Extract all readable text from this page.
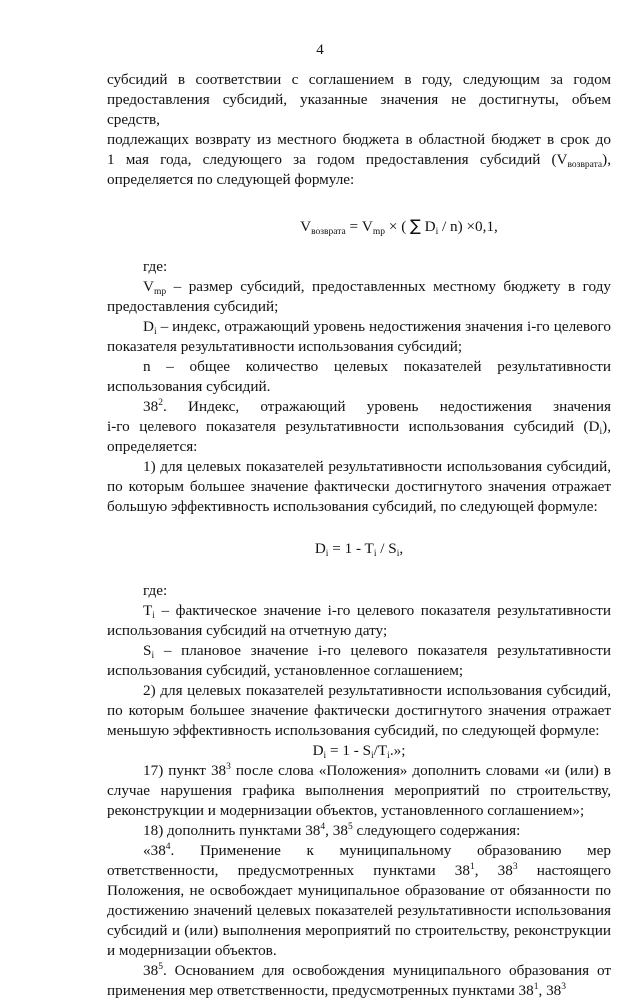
4

субсидий в соответствии с соглашением в году, следующим за годом

предоставления субсидий, указанные значения не достигнуты, объем средств,

подлежащих возврату из местного бюджета в областной бюджет в срок до

1 мая года, следующего за годом предоставления субсидий $(V_{возврата})$,

определяется по следующей формуле:

$V_{возврата} = V_{mp}$ × ( ∑ $D_i / n) \times 0,1$,

где:

$V_{mp}$ – размер субсидий, предоставленных местному бюджету в году предоставления субсидий;

$D_i$ – индекс, отражающий уровень недостижения значения i-го целевого показателя результативности использования субсидий;

n – общее количество целевых показателей результативности

использования субсидий.

$38^2$. Индекс, отражающий уровень недостижения значения

i-го целевого показателя результативности использования субсидий $(D_i)$,

определяется:

1) для целевых показателей результативности использования субсидий, по которым большее значение фактически достигнутого значения отражает большую эффективность использования субсидий, по следующей формуле:

$D_i = 1 - T_i / S_i$,

где:

$T_i$ – фактическое значение i-го целевого показателя результативности использования субсидий на отчетную дату;

$S_i$ – плановое значение i-го целевого показателя результативности использования субсидий, установленное соглашением;

2) для целевых показателей результативности использования субсидий, по которым большее значение фактически достигнутого значения отражает меньшую эффективность использования субсидий, по следующей формуле:

$D_i = 1 - S_i/T_i$.»;

17) пункт $38^3$ после слова «Положения» дополнить словами «и (или) в случае нарушения графика выполнения мероприятий по строительству, реконструкции и модернизации объектов, установленного соглашением»;

18) дополнить пунктами $38^4$, $38^5$ следующего содержания:

«$38^4$. Применение к муниципальному образованию мер

ответственности, предусмотренных пунктами $38^1$, $38^3$ настоящего

Положения, не освобождает муниципальное образование от обязанности по достижению значений целевых показателей результативности использования субсидий и (или) выполнения мероприятий по строительству, реконструкции и модернизации объектов.

$38^5$. Основанием для освобождения муниципального образования от применения мер ответственности, предусмотренных пунктами $38^1$, $38^3$
